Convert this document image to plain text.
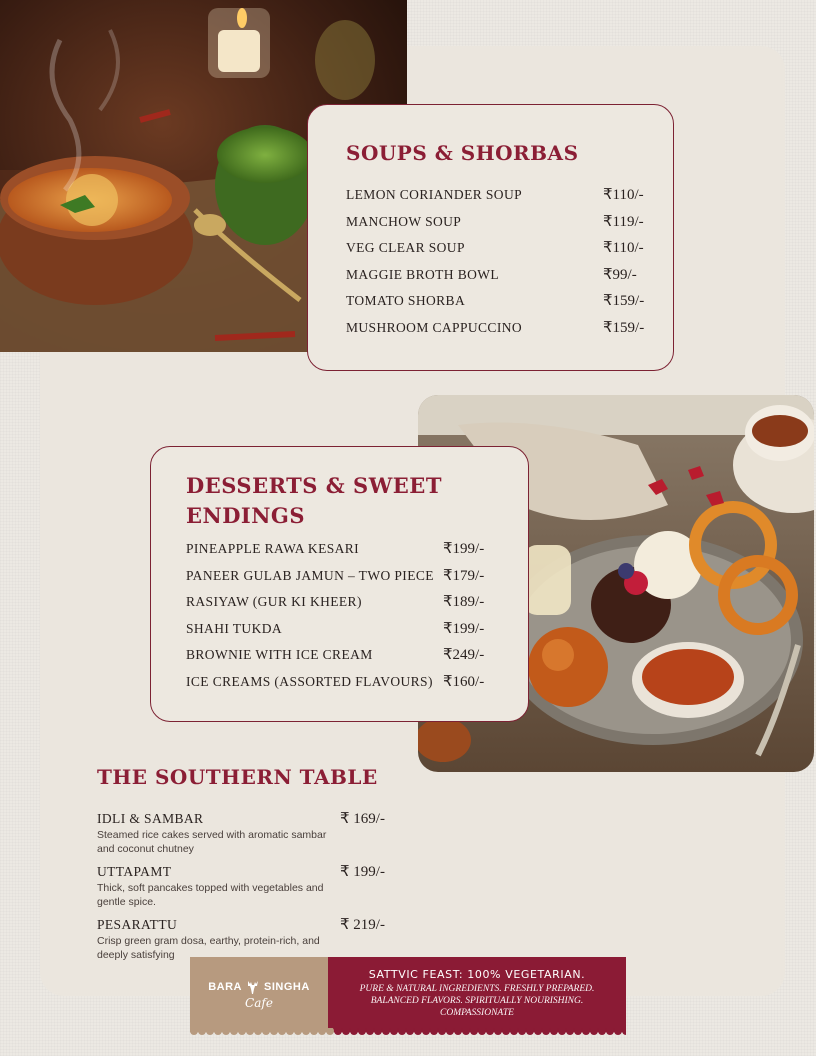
SOUPS & SHORBAS
LEMON CORIANDER SOUP	₹110/-
MANCHOW SOUP	₹119/-
VEG CLEAR SOUP	₹110/-
MAGGIE BROTH BOWL	₹99/-
TOMATO SHORBA	₹159/-
MUSHROOM CAPPUCCINO	₹159/-
DESSERTS & SWEET ENDINGS
PINEAPPLE RAWA KESARI	₹199/-
PANEER GULAB JAMUN – TWO PIECE ₹179/-
RASIYAW (GUR KI KHEER)	₹189/-
SHAHI TUKDA	₹199/-
BROWNIE WITH ICE CREAM	₹249/-
ICE CREAMS (ASSORTED FLAVOURS) ₹160/-
THE SOUTHERN TABLE
IDLI & SAMBAR	₹ 169/-
Steamed rice cakes served with aromatic sambar and coconut chutney
UTTAPAMT	₹ 199/-
Thick, soft pancakes topped with vegetables and gentle spice.
PESARATTU	₹ 219/-
Crisp green gram dosa, earthy, protein-rich, and deeply satisfying
BARA SINGHA
Cafe
SATTVIC FEAST: 100% VEGETARIAN.
PURE & NATURAL INGREDIENTS. FRESHLY PREPARED. BALANCED FLAVORS. SPIRITUALLY NOURISHING. COMPASSIONATE
